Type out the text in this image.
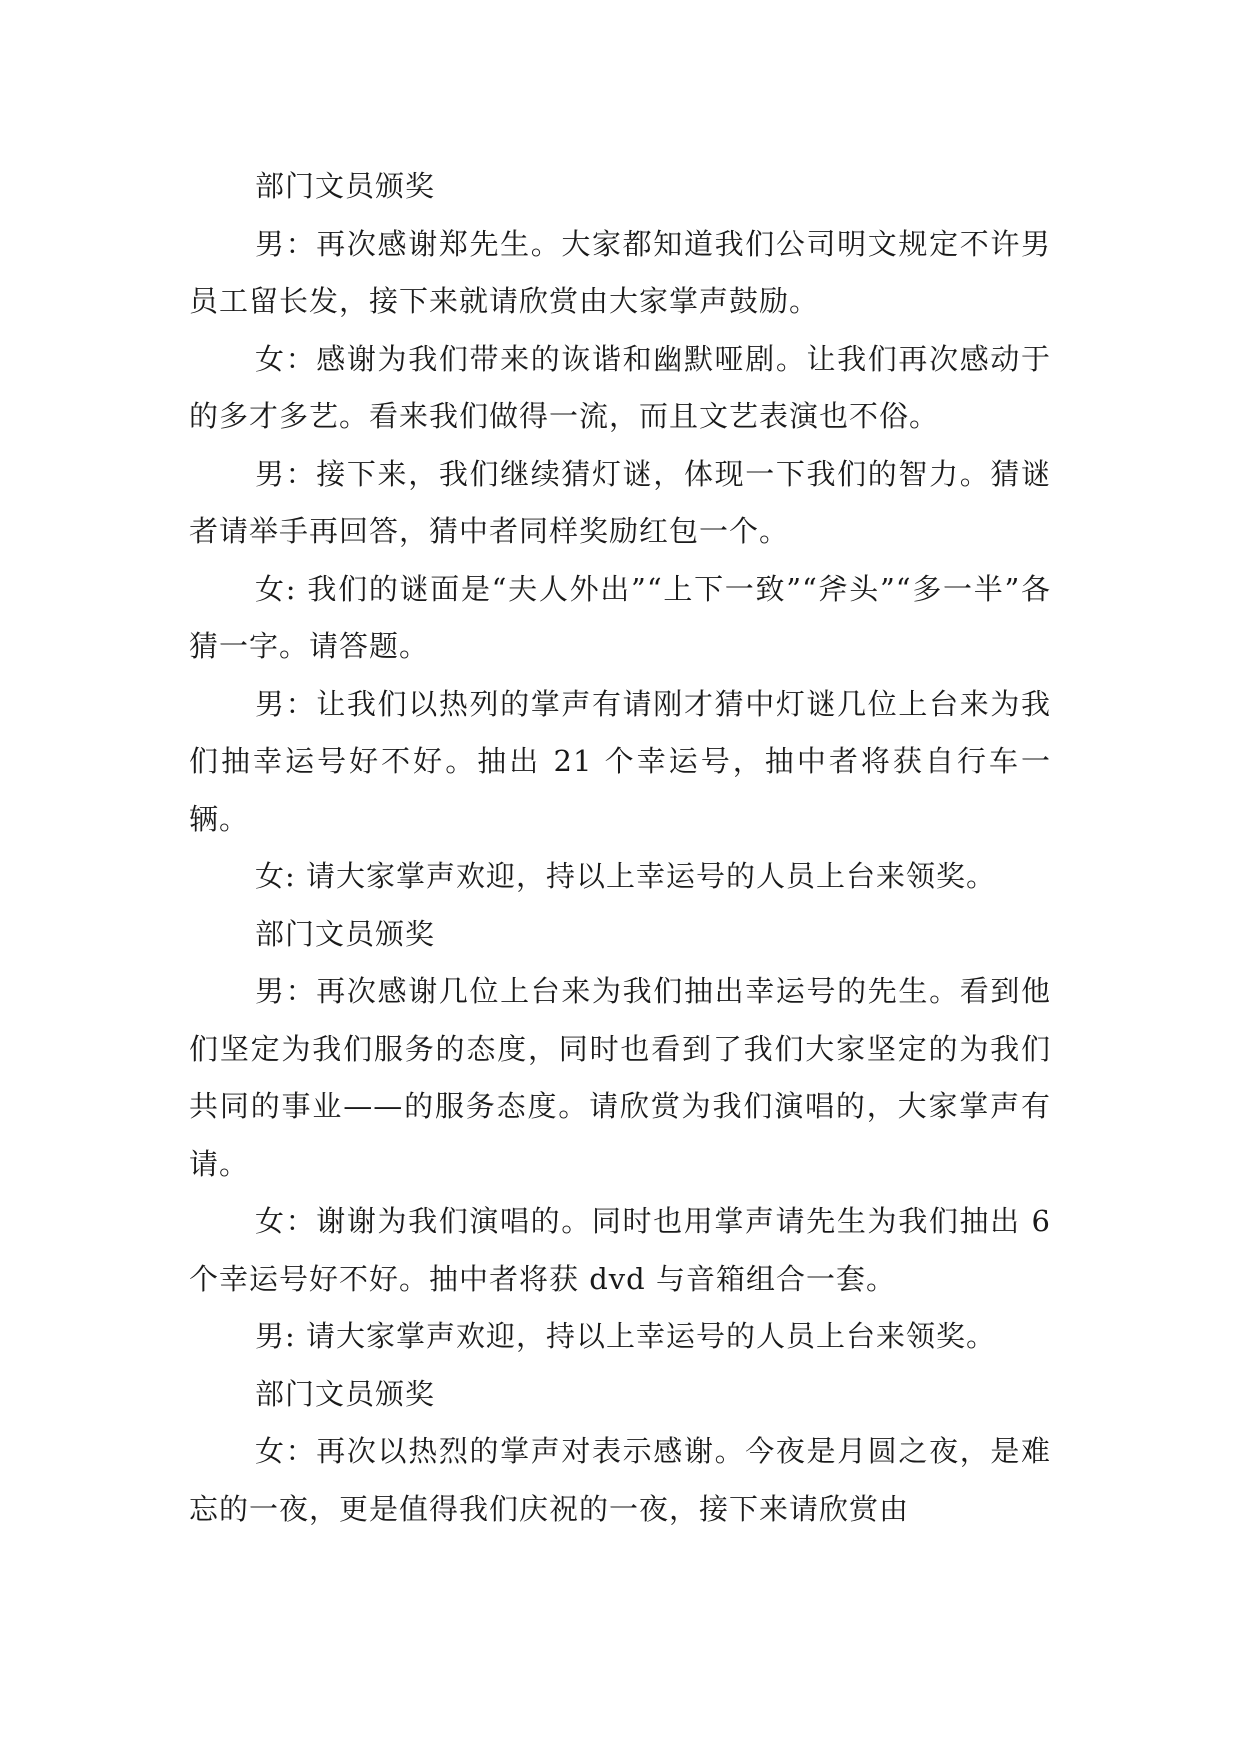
部门文员颁奖

男：再次感谢郑先生。大家都知道我们公司明文规定不许男员工留长发，接下来就请欣赏由大家掌声鼓励。

女：感谢为我们带来的诙谐和幽默哑剧。让我们再次感动于的多才多艺。看来我们做得一流，而且文艺表演也不俗。

男：接下来，我们继续猜灯谜，体现一下我们的智力。猜谜者请举手再回答，猜中者同样奖励红包一个。

女: 我们的谜面是“夫人外出”“上下一致”“斧头”“多一半”各猜一字。请答题。

男：让我们以热列的掌声有请刚才猜中灯谜几位上台来为我们抽幸运号好不好。抽出 21 个幸运号，抽中者将获自行车一辆。

女: 请大家掌声欢迎，持以上幸运号的人员上台来领奖。

部门文员颁奖

男：再次感谢几位上台来为我们抽出幸运号的先生。看到他们坚定为我们服务的态度，同时也看到了我们大家坚定的为我们共同的事业——的服务态度。请欣赏为我们演唱的，大家掌声有请。

女：谢谢为我们演唱的。同时也用掌声请先生为我们抽出 6 个幸运号好不好。抽中者将获 dvd 与音箱组合一套。

男: 请大家掌声欢迎，持以上幸运号的人员上台来领奖。

部门文员颁奖

女：再次以热烈的掌声对表示感谢。今夜是月圆之夜，是难忘的一夜，更是值得我们庆祝的一夜，接下来请欣赏由
